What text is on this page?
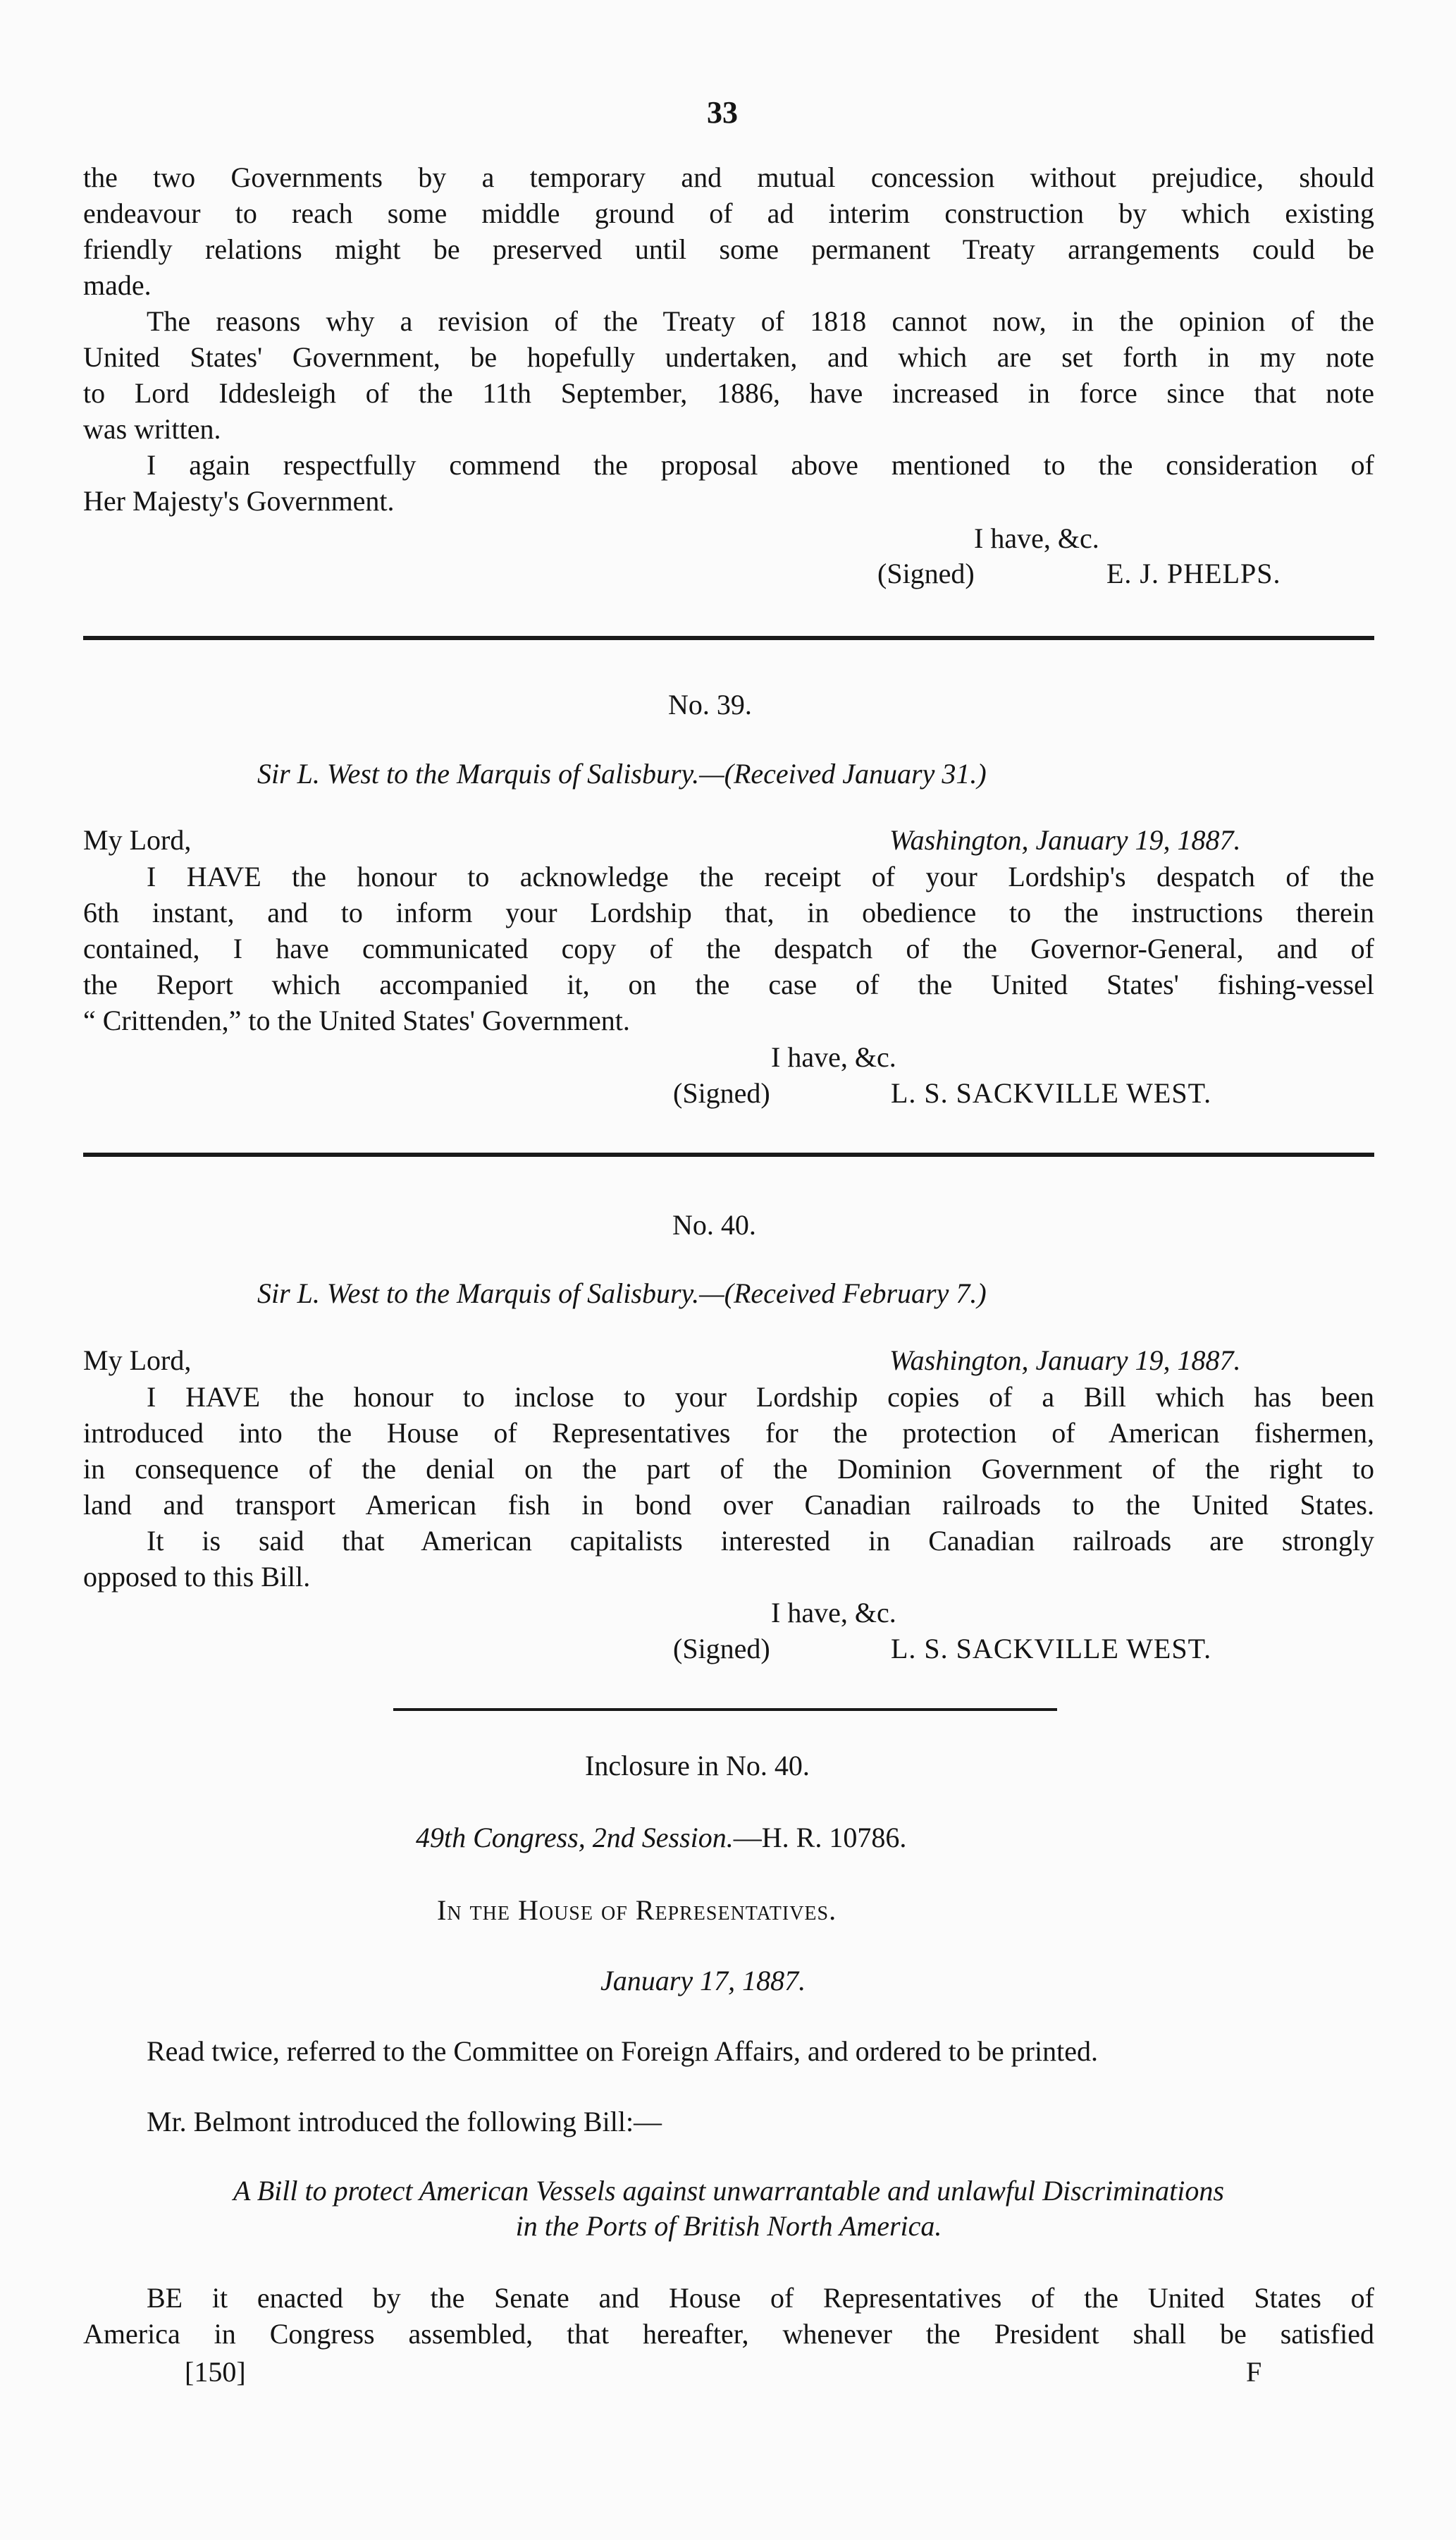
33
the two Governments by a temporary and mutual concession without prejudice, should
endeavour to reach some middle ground of ad interim construction by which existing
friendly relations might be preserved until some permanent Treaty arrangements could be
made.
The reasons why a revision of the Treaty of 1818 cannot now, in the opinion of the
United States' Government, be hopefully undertaken, and which are set forth in my note
to Lord Iddesleigh of the 11th September, 1886, have increased in force since that note
was written.
I again respectfully commend the proposal above mentioned to the consideration of
Her Majesty's Government.
I have, &c.
(Signed)	E. J. PHELPS.
No. 39.
Sir L. West to the Marquis of Salisbury.—(Received January 31.)
My Lord,	Washington, January 19, 1887.
I HAVE the honour to acknowledge the receipt of your Lordship's despatch of the
6th instant, and to inform your Lordship that, in obedience to the instructions therein
contained, I have communicated copy of the despatch of the Governor-General, and of
the Report which accompanied it, on the case of the United States' fishing-vessel
“ Crittenden,” to the United States' Government.
I have, &c.
(Signed)	L. S. SACKVILLE WEST.
No. 40.
Sir L. West to the Marquis of Salisbury.—(Received February 7.)
My Lord,	Washington, January 19, 1887.
I HAVE the honour to inclose to your Lordship copies of a Bill which has been
introduced into the House of Representatives for the protection of American fishermen,
in consequence of the denial on the part of the Dominion Government of the right to
land and transport American fish in bond over Canadian railroads to the United States.
It is said that American capitalists interested in Canadian railroads are strongly
opposed to this Bill.
I have, &c.
(Signed)	L. S. SACKVILLE WEST.
Inclosure in No. 40.
49th Congress, 2nd Session.—H. R. 10786.
In the House of Representatives.
January 17, 1887.
Read twice, referred to the Committee on Foreign Affairs, and ordered to be printed.
Mr. Belmont introduced the following Bill:—
A Bill to protect American Vessels against unwarrantable and unlawful Discriminations
in the Ports of British North America.
BE it enacted by the Senate and House of Representatives of the United States of
America in Congress assembled, that hereafter, whenever the President shall be satisfied
[150]	F
